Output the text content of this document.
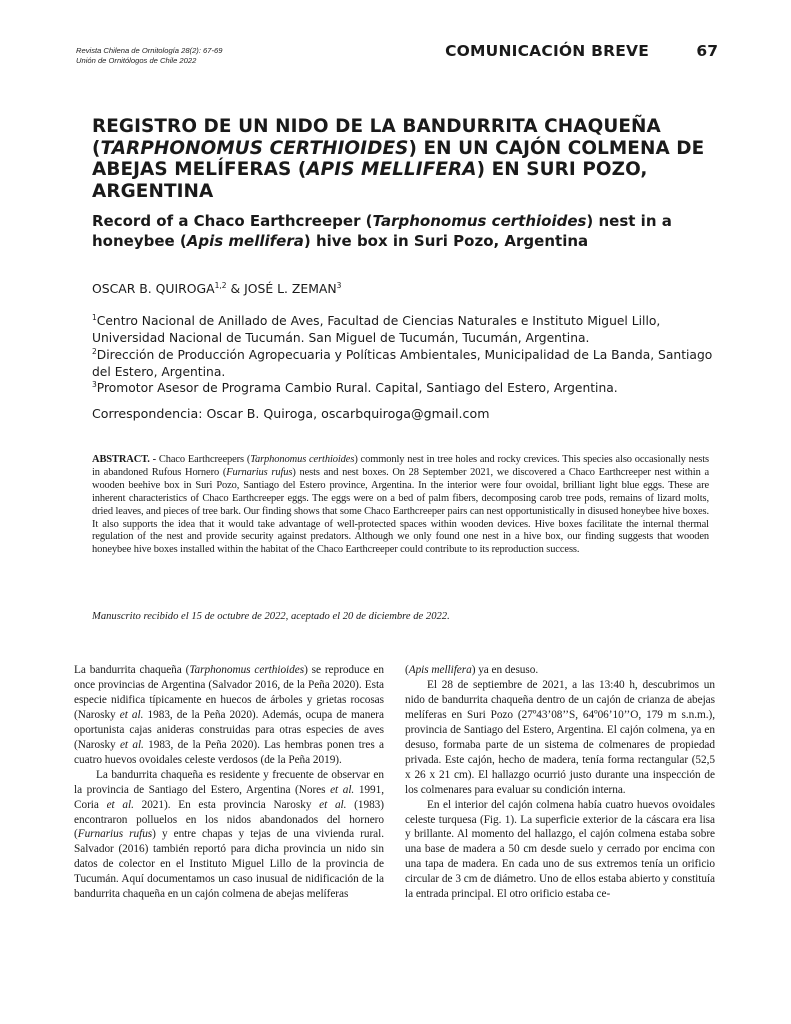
Revista Chilena de Ornitología 28(2): 67-69
Unión de Ornitólogos de Chile 2022
COMUNICACIÓN BREVE	67
REGISTRO DE UN NIDO DE LA BANDURRITA CHAQUEÑA (TARPHONOMUS CERTHIOIDES) EN UN CAJÓN COLMENA DE ABEJAS MELÍFERAS (APIS MELLIFERA) EN SURI POZO, ARGENTINA
Record of a Chaco Earthcreeper (Tarphonomus certhioides) nest in a honeybee (Apis mellifera) hive box in Suri Pozo, Argentina
OSCAR B. QUIROGA$^{1,2}$ & JOSÉ L. ZEMAN$^3$
$^1$Centro Nacional de Anillado de Aves, Facultad de Ciencias Naturales e Instituto Miguel Lillo, Universidad Nacional de Tucumán. San Miguel de Tucumán, Tucumán, Argentina.
$^2$Dirección de Producción Agropecuaria y Políticas Ambientales, Municipalidad de La Banda, Santiago del Estero, Argentina.
$^3$Promotor Asesor de Programa Cambio Rural. Capital, Santiago del Estero, Argentina.
Correspondencia: Oscar B. Quiroga, oscarbquiroga@gmail.com
ABSTRACT. - Chaco Earthcreepers (Tarphonomus certhioides) commonly nest in tree holes and rocky crevices. This species also occasionally nests in abandoned Rufous Hornero (Furnarius rufus) nests and nest boxes. On 28 September 2021, we discovered a Chaco Earthcreeper nest within a wooden beehive box in Suri Pozo, Santiago del Estero province, Argentina. In the interior were four ovoidal, brilliant light blue eggs. These are inherent characteristics of Chaco Earthcreeper eggs. The eggs were on a bed of palm fibers, decomposing carob tree pods, remains of lizard molts, dried leaves, and pieces of tree bark. Our finding shows that some Chaco Earthcreeper pairs can nest opportunistically in disused honeybee hive boxes. It also supports the idea that it would take advantage of well-protected spaces within wooden devices. Hive boxes facilitate the internal thermal regulation of the nest and provide security against predators. Although we only found one nest in a hive box, our finding suggests that wooden honeybee hive boxes installed within the habitat of the Chaco Earthcreeper could contribute to its reproduction success.
Manuscrito recibido el 15 de octubre de 2022, aceptado el 20 de diciembre de 2022.

La bandurrita chaqueña (Tarphonomus certhioides) se reproduce en once provincias de Argentina (Salvador 2016, de la Peña 2020). Esta especie nidifica típicamente en huecos de árboles y grietas rocosas (Narosky et al. 1983, de la Peña 2020). Además, ocupa de manera oportunista cajas anideras construidas para otras especies de aves (Narosky et al. 1983, de la Peña 2020). Las hembras ponen tres a cuatro huevos ovoidales celeste verdosos (de la Peña 2019).

La bandurrita chaqueña es residente y frecuente de observar en la provincia de Santiago del Estero, Argentina (Nores et al. 1991, Coria et al. 2021). En esta provincia Narosky et al. (1983) encontraron polluelos en los nidos abandonados del hornero (Furnarius rufus) y entre chapas y tejas de una vivienda rural. Salvador (2016) también reportó para dicha provincia un nido sin datos de colector en el Instituto Miguel Lillo de la provincia de Tucumán. Aquí documentamos un caso inusual de nidificación de la bandurrita chaqueña en un cajón colmena de abejas melíferas

(Apis mellifera) ya en desuso.

El 28 de septiembre de 2021, a las 13:40 h, descubrimos un nido de bandurrita chaqueña dentro de un cajón de crianza de abejas melíferas en Suri Pozo (27º43’08’’S, 64º06’10’’O, 179 m s.n.m.), provincia de Santiago del Estero, Argentina. El cajón colmena, ya en desuso, formaba parte de un sistema de colmenares de propiedad privada. Este cajón, hecho de madera, tenía forma rectangular (52,5 x 26 x 21 cm). El hallazgo ocurrió justo durante una inspección de los colmenares para evaluar su condición interna.

En el interior del cajón colmena había cuatro huevos ovoidales celeste turquesa (Fig. 1). La superficie exterior de la cáscara era lisa y brillante. Al momento del hallazgo, el cajón colmena estaba sobre una base de madera a 50 cm desde suelo y cerrado por encima con una tapa de madera. En cada uno de sus extremos tenía un orificio circular de 3 cm de diámetro. Uno de ellos estaba abierto y constituía la entrada principal. El otro orificio estaba ce-
